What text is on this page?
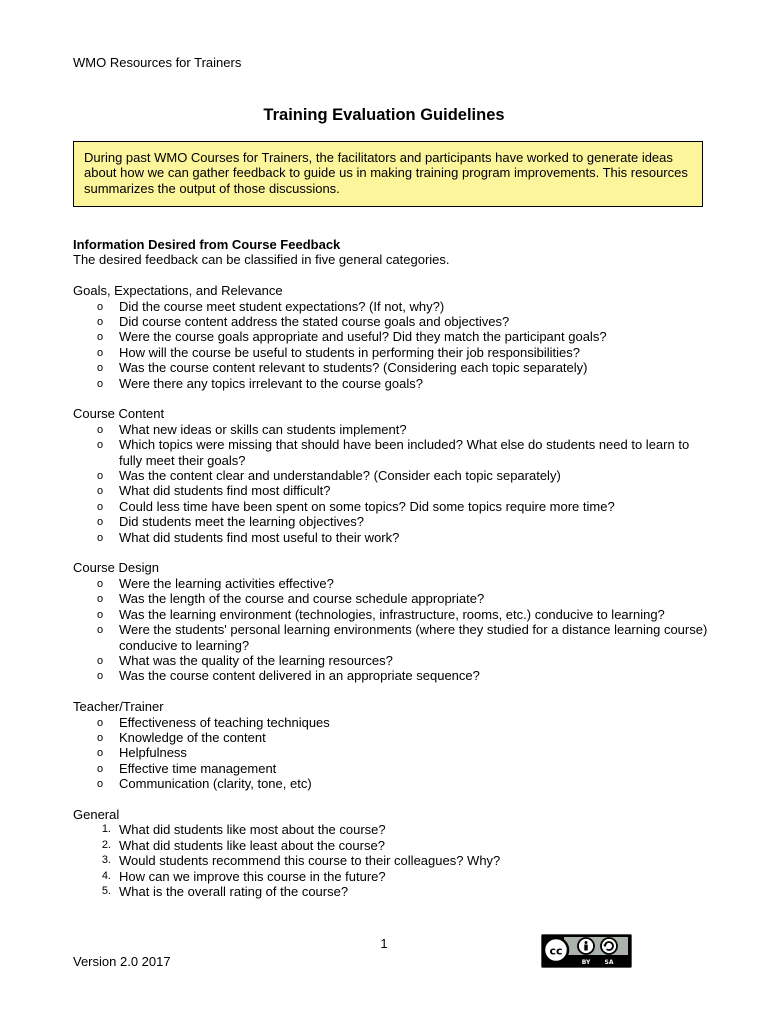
WMO Resources for Trainers
Training Evaluation Guidelines
During past WMO Courses for Trainers, the facilitators and participants have worked to generate ideas about how we can gather feedback to guide us in making training program improvements. This resources summarizes the output of those discussions.
Information Desired from Course Feedback
The desired feedback can be classified in five general categories.
Goals, Expectations, and Relevance
o Did the course meet student expectations? (If not, why?)
o Did course content address the stated course goals and objectives?
o Were the course goals appropriate and useful? Did they match the participant goals?
o How will the course be useful to students in performing their job responsibilities?
o Was the course content relevant to students? (Considering each topic separately)
o Were there any topics irrelevant to the course goals?
Course Content
o What new ideas or skills can students implement?
o Which topics were missing that should have been included? What else do students need to learn to fully meet their goals?
o Was the content clear and understandable? (Consider each topic separately)
o What did students find most difficult?
o Could less time have been spent on some topics? Did some topics require more time?
o Did students meet the learning objectives?
o What did students find most useful to their work?
Course Design
o Were the learning activities effective?
o Was the length of the course and course schedule appropriate?
o Was the learning environment (technologies, infrastructure, rooms, etc.) conducive to learning?
o Were the students' personal learning environments (where they studied for a distance learning course) conducive to learning?
o What was the quality of the learning resources?
o Was the course content delivered in an appropriate sequence?
Teacher/Trainer
o Effectiveness of teaching techniques
o Knowledge of the content
o Helpfulness
o Effective time management
o Communication (clarity, tone, etc)
General
1. What did students like most about the course?
2. What did students like least about the course?
3. Would students recommend this course to their colleagues? Why?
4. How can we improve this course in the future?
5. What is the overall rating of the course?
1
Version 2.0 2017
cc
BY SA
